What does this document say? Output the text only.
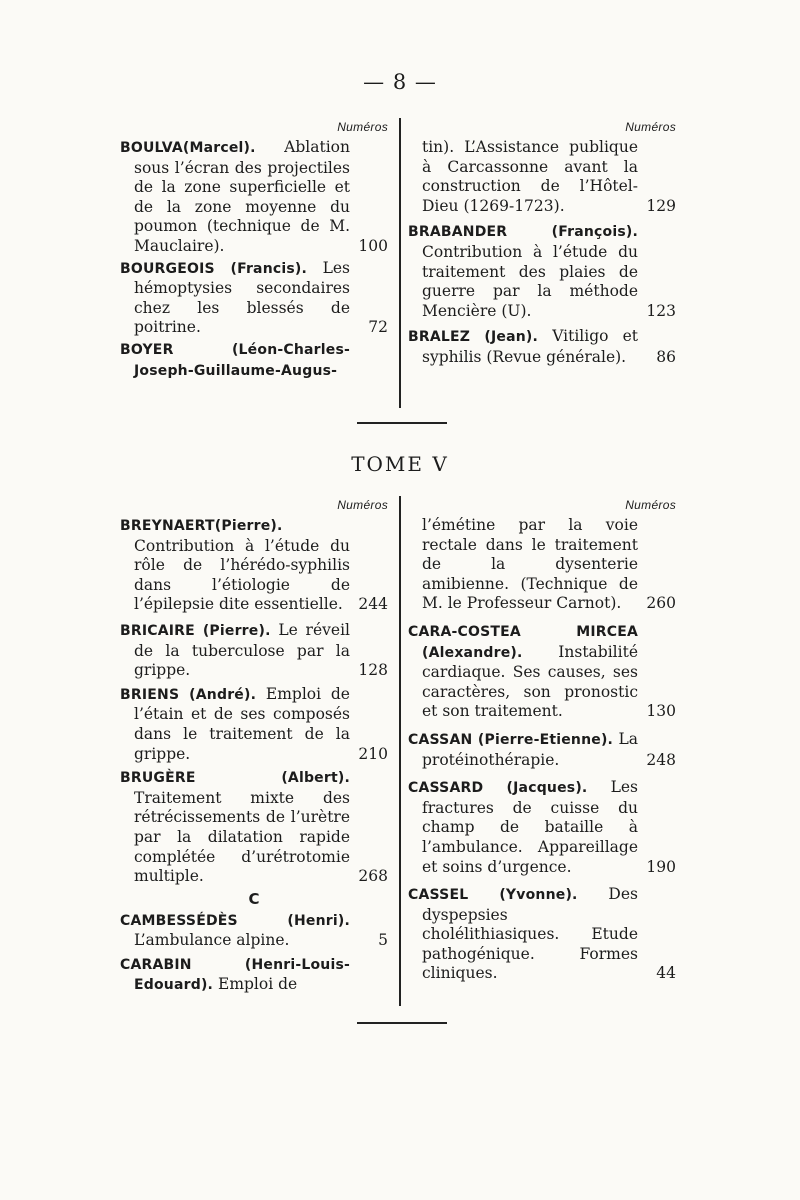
— 8 —
Numéros
BOULVA(Marcel). Ablation sous l’écran des projectiles de la zone superficielle et de la zone moyenne du poumon (technique de M. Mauclaire).	100
BOURGEOIS (Francis). Les hémoptysies secondaires chez les blessés de poitrine.	72
BOYER (Léon-Charles-Joseph-Guillaume-Augus-
Numéros
tin). L’Assistance publique à Carcassonne avant la construction de l’Hôtel-Dieu (1269-1723).	129
BRABANDER (François). Contribution à l’étude du traitement des plaies de guerre par la méthode Mencière (U).	123
BRALEZ (Jean). Vitiligo et syphilis (Revue générale).	86
TOME V
Numéros
BREYNAERT(Pierre). Contribution à l’étude du rôle de l’hérédo-syphilis dans l’étiologie de l’épilepsie dite essentielle.	244
BRICAIRE (Pierre). Le réveil de la tuberculose par la grippe.	128
BRIENS (André). Emploi de l’étain et de ses composés dans le traitement de la grippe.	210
BRUGÈRE (Albert). Traitement mixte des rétrécissements de l’urètre par la dilatation rapide complétée d’urétrotomie multiple.	268
C
CAMBESSÉDÈS (Henri). L’ambulance alpine.	5
CARABIN (Henri-Louis-Edouard). Emploi de
Numéros
l’émétine par la voie rectale dans le traitement de la dysenterie amibienne. (Technique de M. le Professeur Carnot).	260
CARA-COSTEA MIRCEA (Alexandre). Instabilité cardiaque. Ses causes, ses caractères, son pronostic et son traitement.	130
CASSAN (Pierre-Etienne). La protéinothérapie.	248
CASSARD (Jacques). Les fractures de cuisse du champ de bataille à l’ambulance. Appareillage et soins d’urgence.	190
CASSEL (Yvonne). Des dyspepsies cholélithiasiques. Etude pathogénique. Formes cliniques.	44
